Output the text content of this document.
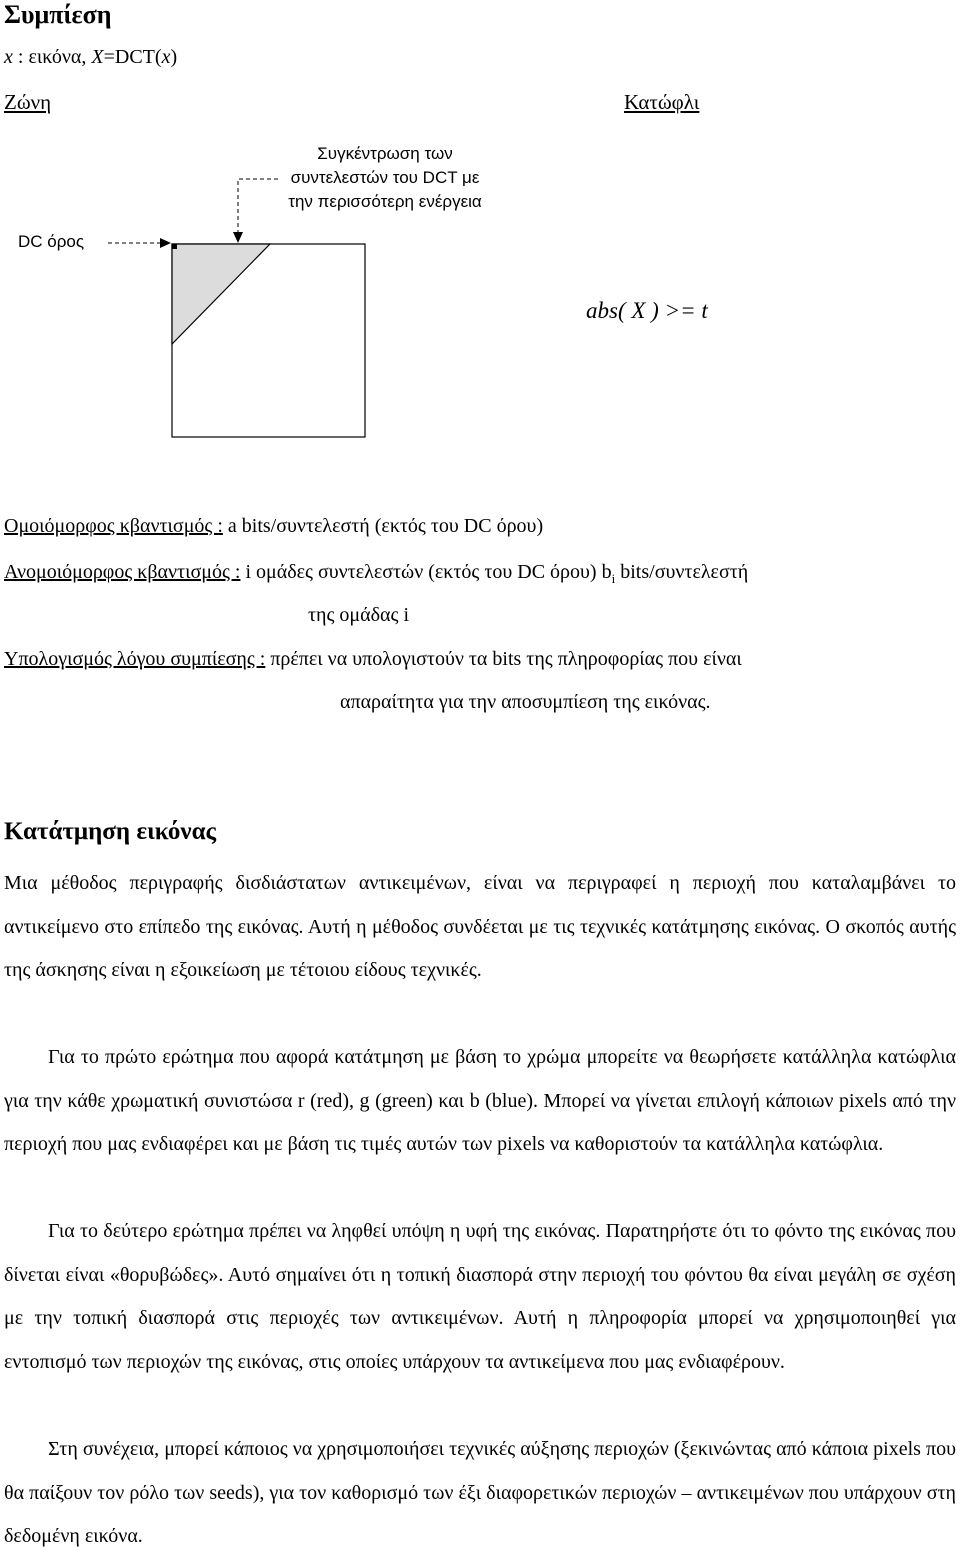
Συμπίεση
x : εικόνα, X=DCT(x)
Ζώνη	Κατώφλι
Συγκέντρωση των
συντελεστών του DCT με
την περισσότερη ενέργεια
DC όρος
abs( X ) >= t
Ομοιόμορφος κβαντισμός : a bits/συντελεστή (εκτός του DC όρου)
Ανομοιόμορφος κβαντισμός : i ομάδες συντελεστών (εκτός του DC όρου) $b_i$ bits/συντελεστή
της ομάδας i
Υπολογισμός λόγου συμπίεσης : πρέπει να υπολογιστούν τα bits της πληροφορίας που είναι
απαραίτητα για την αποσυμπίεση της εικόνας.
Κατάτμηση εικόνας
Μια μέθοδος περιγραφής δισδιάστατων αντικειμένων, είναι να περιγραφεί η περιοχή που καταλαμβάνει το αντικείμενο στο επίπεδο της εικόνας. Αυτή η μέθοδος συνδέεται με τις τεχνικές κατάτμησης εικόνας. Ο σκοπός αυτής της άσκησης είναι η εξοικείωση με τέτοιου είδους τεχνικές.
Για το πρώτο ερώτημα που αφορά κατάτμηση με βάση το χρώμα μπορείτε να θεωρήσετε κατάλληλα κατώφλια για την κάθε χρωματική συνιστώσα r (red), g (green) και b (blue). Μπορεί να γίνεται επιλογή κάποιων pixels από την περιοχή που μας ενδιαφέρει και με βάση τις τιμές αυτών των pixels να καθοριστούν τα κατάλληλα κατώφλια.
Για το δεύτερο ερώτημα πρέπει να ληφθεί υπόψη η υφή της εικόνας. Παρατηρήστε ότι το φόντο της εικόνας που δίνεται είναι «θορυβώδες». Αυτό σημαίνει ότι η τοπική διασπορά στην περιοχή του φόντου θα είναι μεγάλη σε σχέση με την τοπική διασπορά στις περιοχές των αντικειμένων. Αυτή η πληροφορία μπορεί να χρησιμοποιηθεί για εντοπισμό των περιοχών της εικόνας, στις οποίες υπάρχουν τα αντικείμενα που μας ενδιαφέρουν.
Στη συνέχεια, μπορεί κάποιος να χρησιμοποιήσει τεχνικές αύξησης περιοχών (ξεκινώντας από κάποια pixels που θα παίξουν τον ρόλο των seeds), για τον καθορισμό των έξι διαφορετικών περιοχών – αντικειμένων που υπάρχουν στη δεδομένη εικόνα.
